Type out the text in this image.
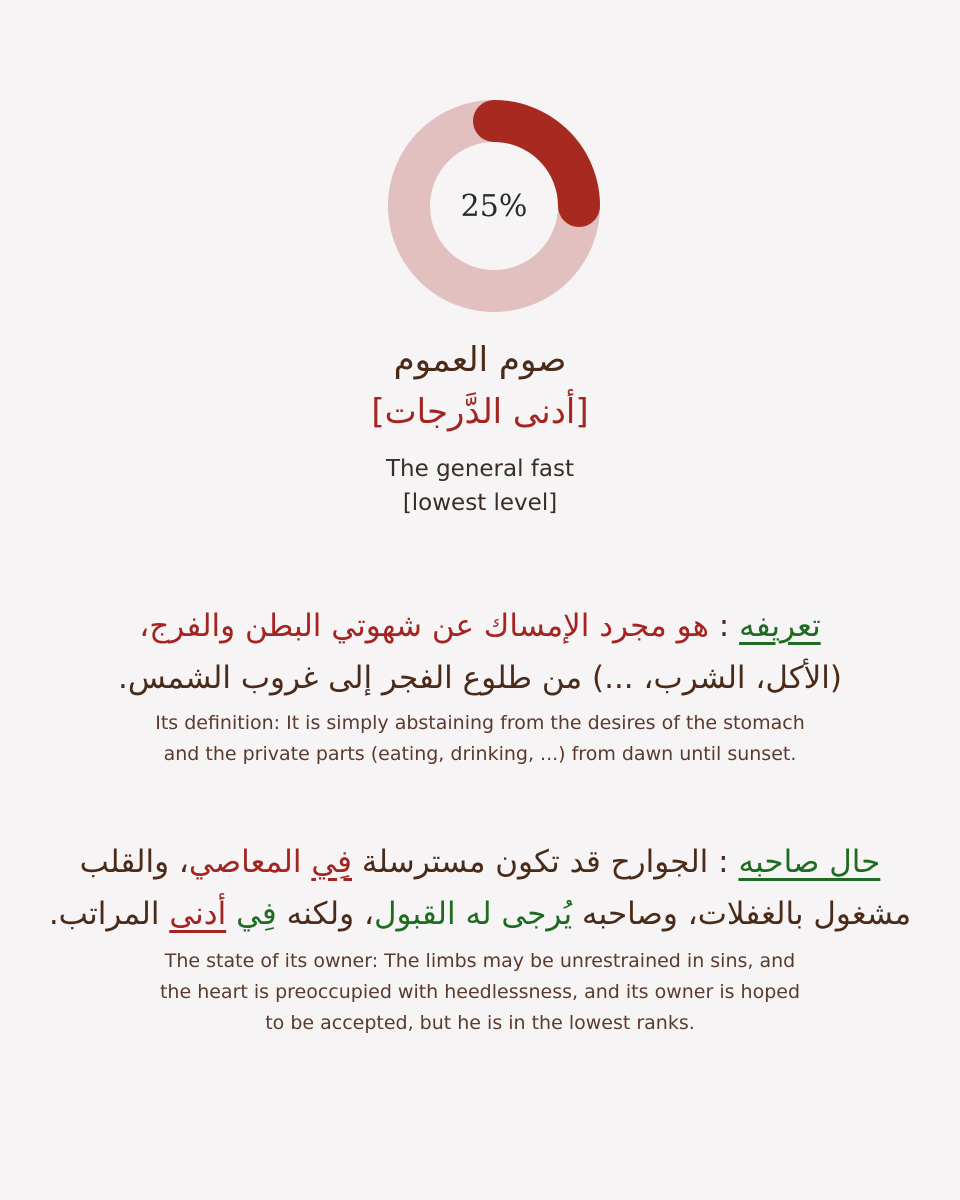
25%
صوم العموم
[أدنى الدَّرجات]
The general fast
[lowest level]
تعريفه : هو مجرد الإمساك عن شهوتي البطن والفرج،
(الأكل، الشرب، ...) من طلوع الفجر إلى غروب الشمس.
Its definition: It is simply abstaining from the desires of the stomach
and the private parts (eating, drinking, ...) from dawn until sunset.
حال صاحبه : الجوارح قد تكون مسترسلة فِي المعاصي، والقلب
مشغول بالغفلات، وصاحبه يُرجى له القبول، ولكنه فِي أدنى المراتب.
The state of its owner: The limbs may be unrestrained in sins, and
the heart is preoccupied with heedlessness, and its owner is hoped
to be accepted, but he is in the lowest ranks.
